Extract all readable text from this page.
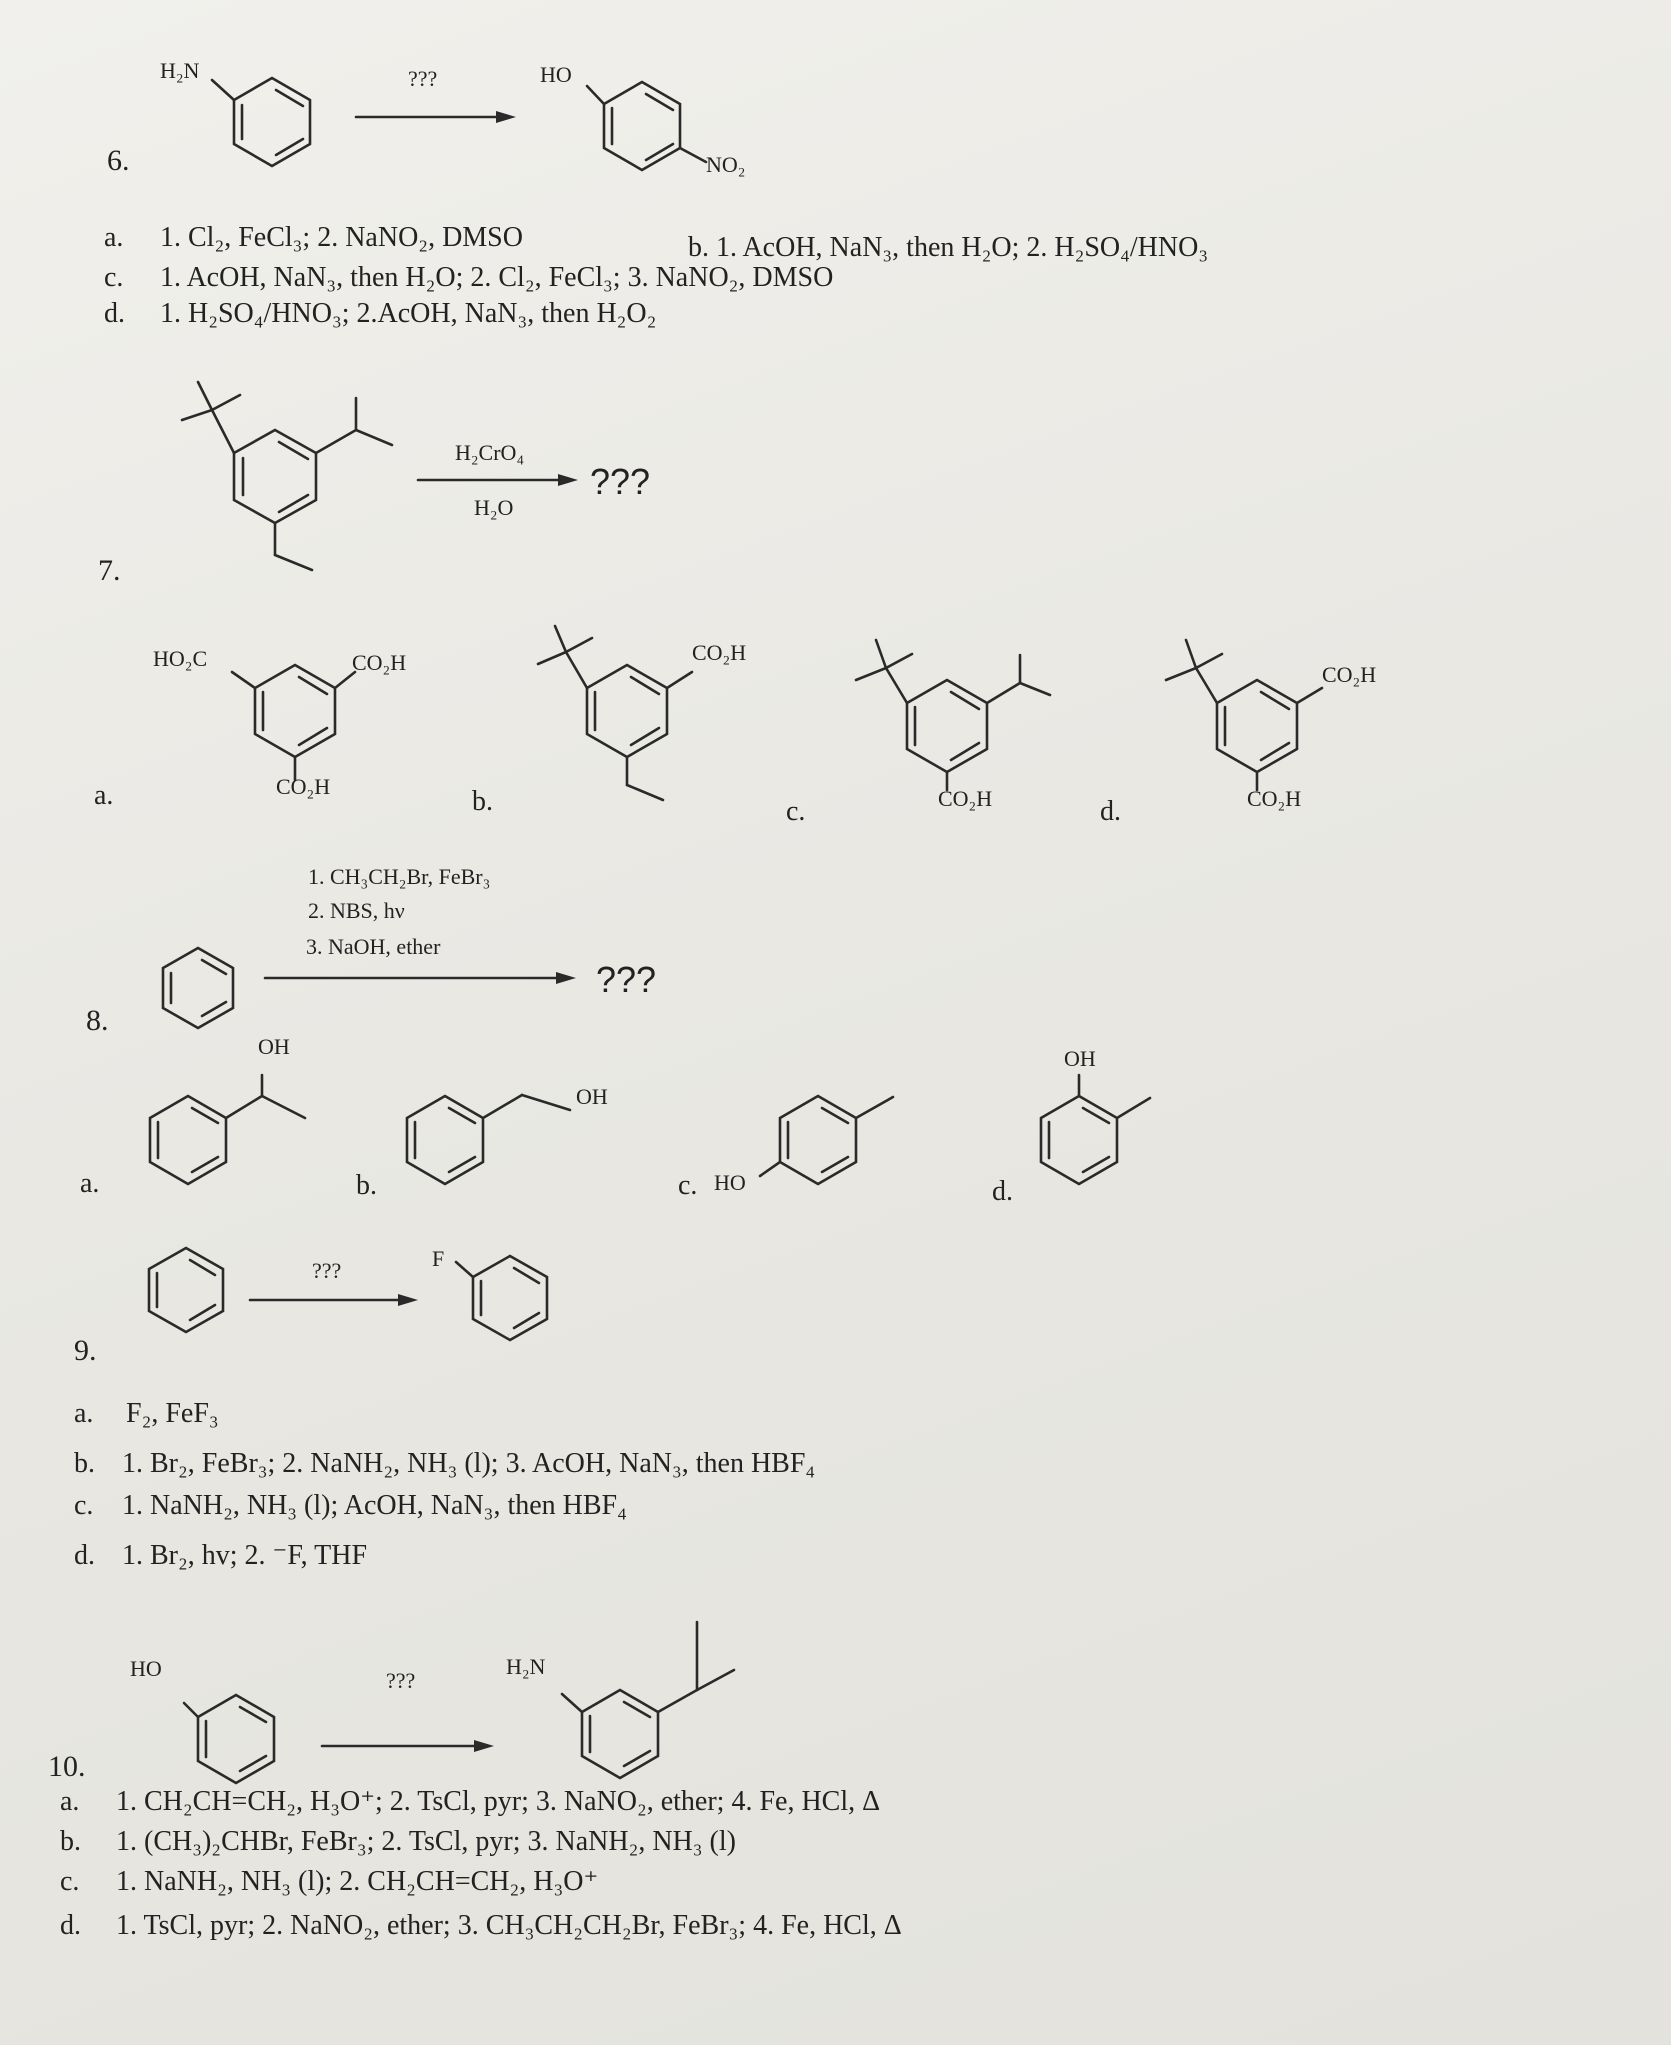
H₂N	???	HO
NO₂
6.
a. 1. Cl₂, FeCl₃; 2. NaNO₂, DMSO	b. 1. AcOH, NaN₃, then H₂O; 2. H₂SO₄/HNO₃
c. 1. AcOH, NaN₃, then H₂O; 2. Cl₂, FeCl₃; 3. NaNO₂, DMSO
d. 1. H₂SO₄/HNO₃; 2.AcOH, NaN₃, then H₂O₂
H₂CrO₄
H₂O
???
7.
a.
HO₂C	CO₂H
CO₂H	b.
CO₂H
c.	CO₂H	d.
CO₂H
CO₂H
1. CH₃CH₂Br, FeBr₃
2. NBS, hν
3. NaOH, ether
???
8.
a.
OH
b.
OH
c. HO	d.
OH
???	F
9.
a. F₂, FeF₃
b. 1. Br₂, FeBr₃; 2. NaNH₂, NH₃ (l); 3. AcOH, NaN₃, then HBF₄
c. 1. NaNH₂, NH₃ (l); AcOH, NaN₃, then HBF₄
d. 1. Br₂, hv; 2. ⁻F, THF
HO	???
H₂N
10.
a. 1. CH₂CH=CH₂, H₃O⁺; 2. TsCl, pyr; 3. NaNO₂, ether; 4. Fe, HCl, Δ
b. 1. (CH₃)₂CHBr, FeBr₃; 2. TsCl, pyr; 3. NaNH₂, NH₃ (l)
c. 1. NaNH₂, NH₃ (l); 2. CH₂CH=CH₂, H₃O⁺
d. 1. TsCl, pyr; 2. NaNO₂, ether; 3. CH₃CH₂CH₂Br, FeBr₃; 4. Fe, HCl, Δ
